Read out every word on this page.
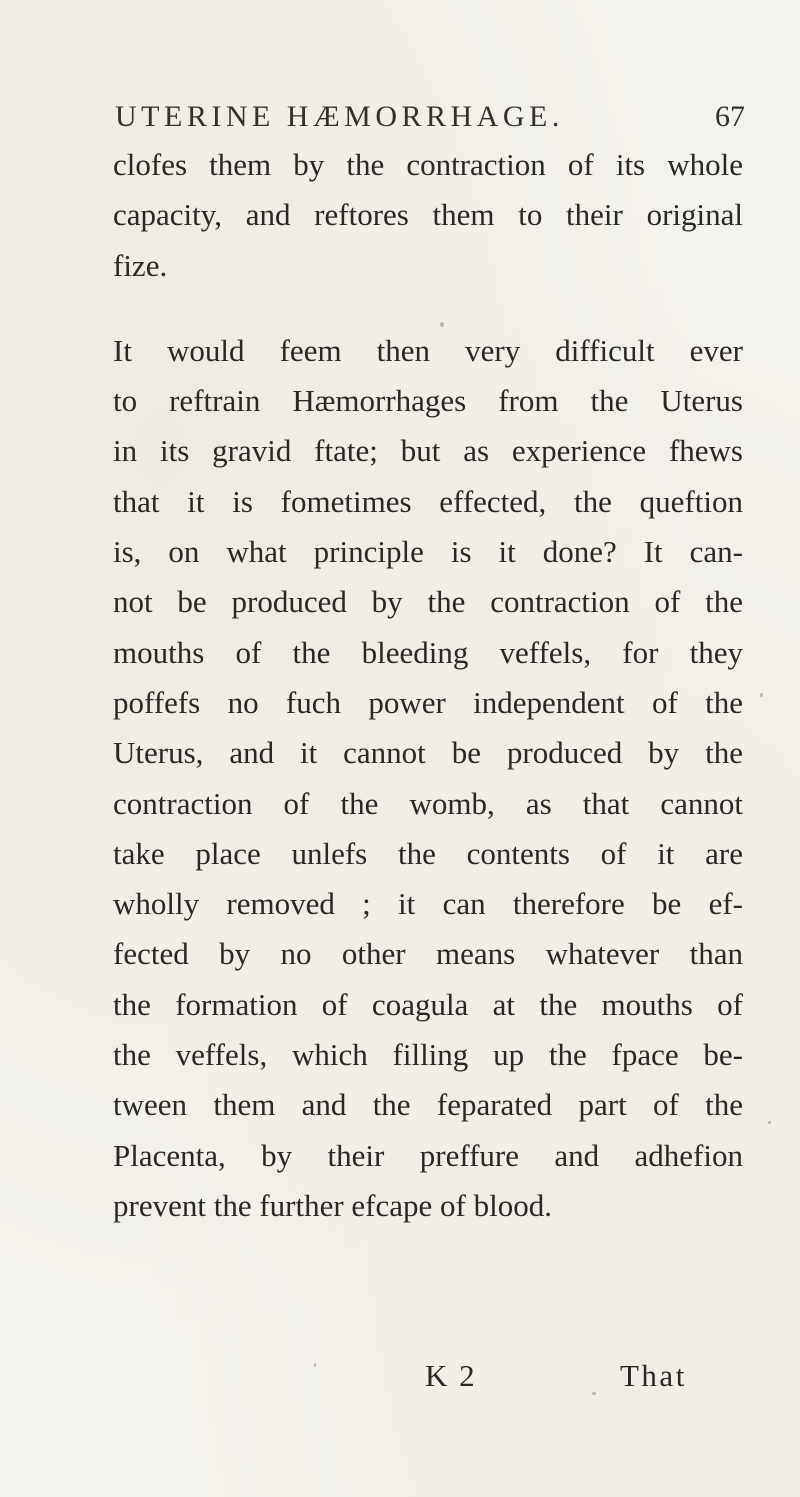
UTERINE HÆMORRHAGE.	67
clofes them by the contraction of its whole
capacity, and reftores them to their original
fize.
It would feem then very difficult ever
to reftrain Hæmorrhages from the Uterus
in its gravid ftate; but as experience fhews
that it is fometimes effected, the queftion
is, on what principle is it done? It can-
not be produced by the contraction of the
mouths of the bleeding veffels, for they
poffefs no fuch power independent of the
Uterus, and it cannot be produced by the
contraction of the womb, as that cannot
take place unlefs the contents of it are
wholly removed ; it can therefore be ef-
fected by no other means whatever than
the formation of coagula at the mouths of
the veffels, which filling up the fpace be-
tween them and the feparated part of the
Placenta, by their preffure and adhefion
prevent the further efcape of blood.
K 2	That
